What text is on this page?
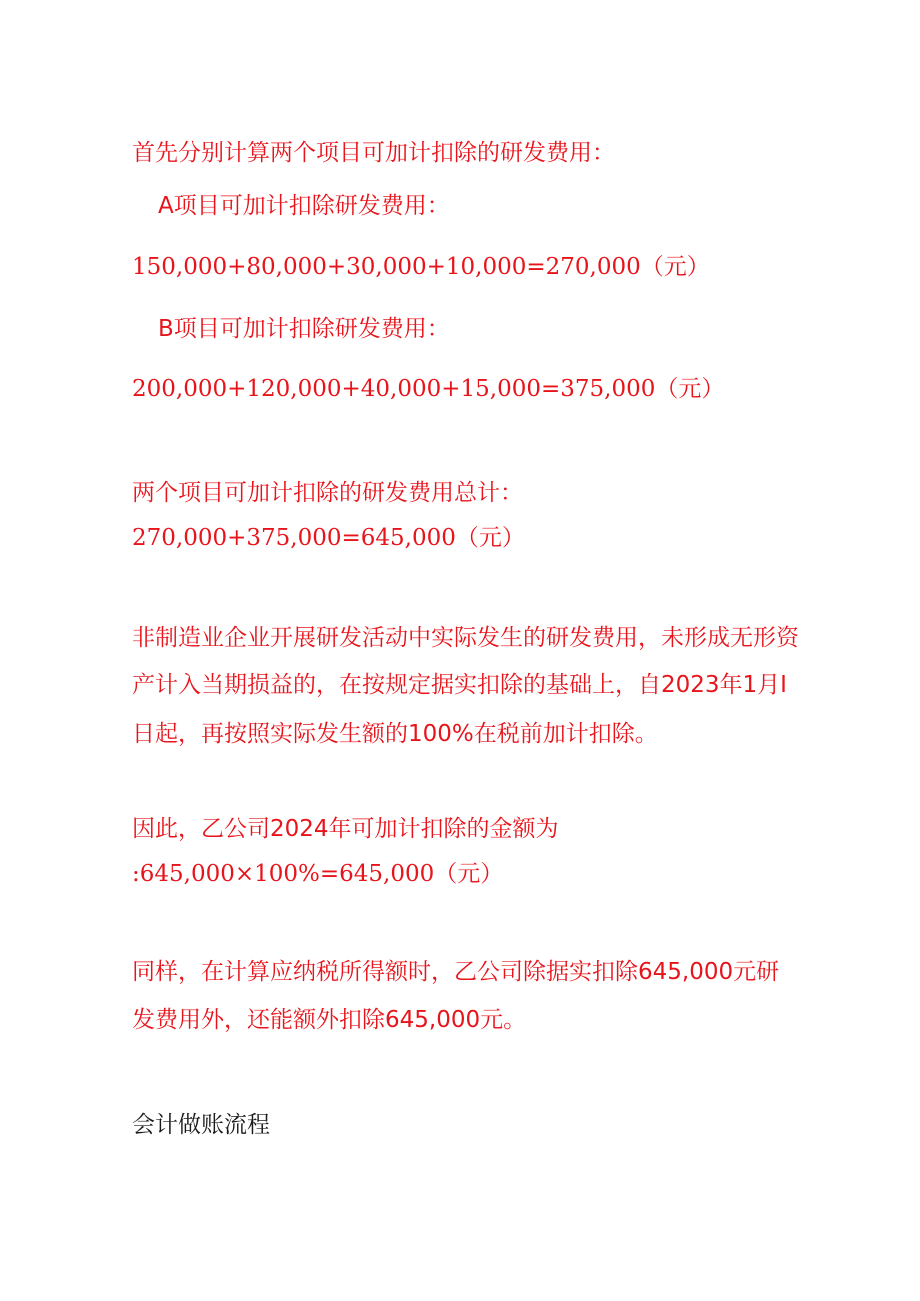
首先分别计算两个项目可加计扣除的研发费用：
A项目可加计扣除研发费用：
150,000+80,000+30,000+10,000=270,000（元）
B项目可加计扣除研发费用：
200,000+120,000+40,000+15,000=375,000（元）
两个项目可加计扣除的研发费用总计：
270,000+375,000=645,000（元）
非制造业企业开展研发活动中实际发生的研发费用，未形成无形资
产计入当期损益的，在按规定据实扣除的基础上，自2023年1月I
日起，再按照实际发生额的100%在税前加计扣除。
因此，乙公司2024年可加计扣除的金额为
:645,000×100%=645,000（元）
同样，在计算应纳税所得额时，乙公司除据实扣除645,000元研
发费用外，还能额外扣除645,000元。
会计做账流程
